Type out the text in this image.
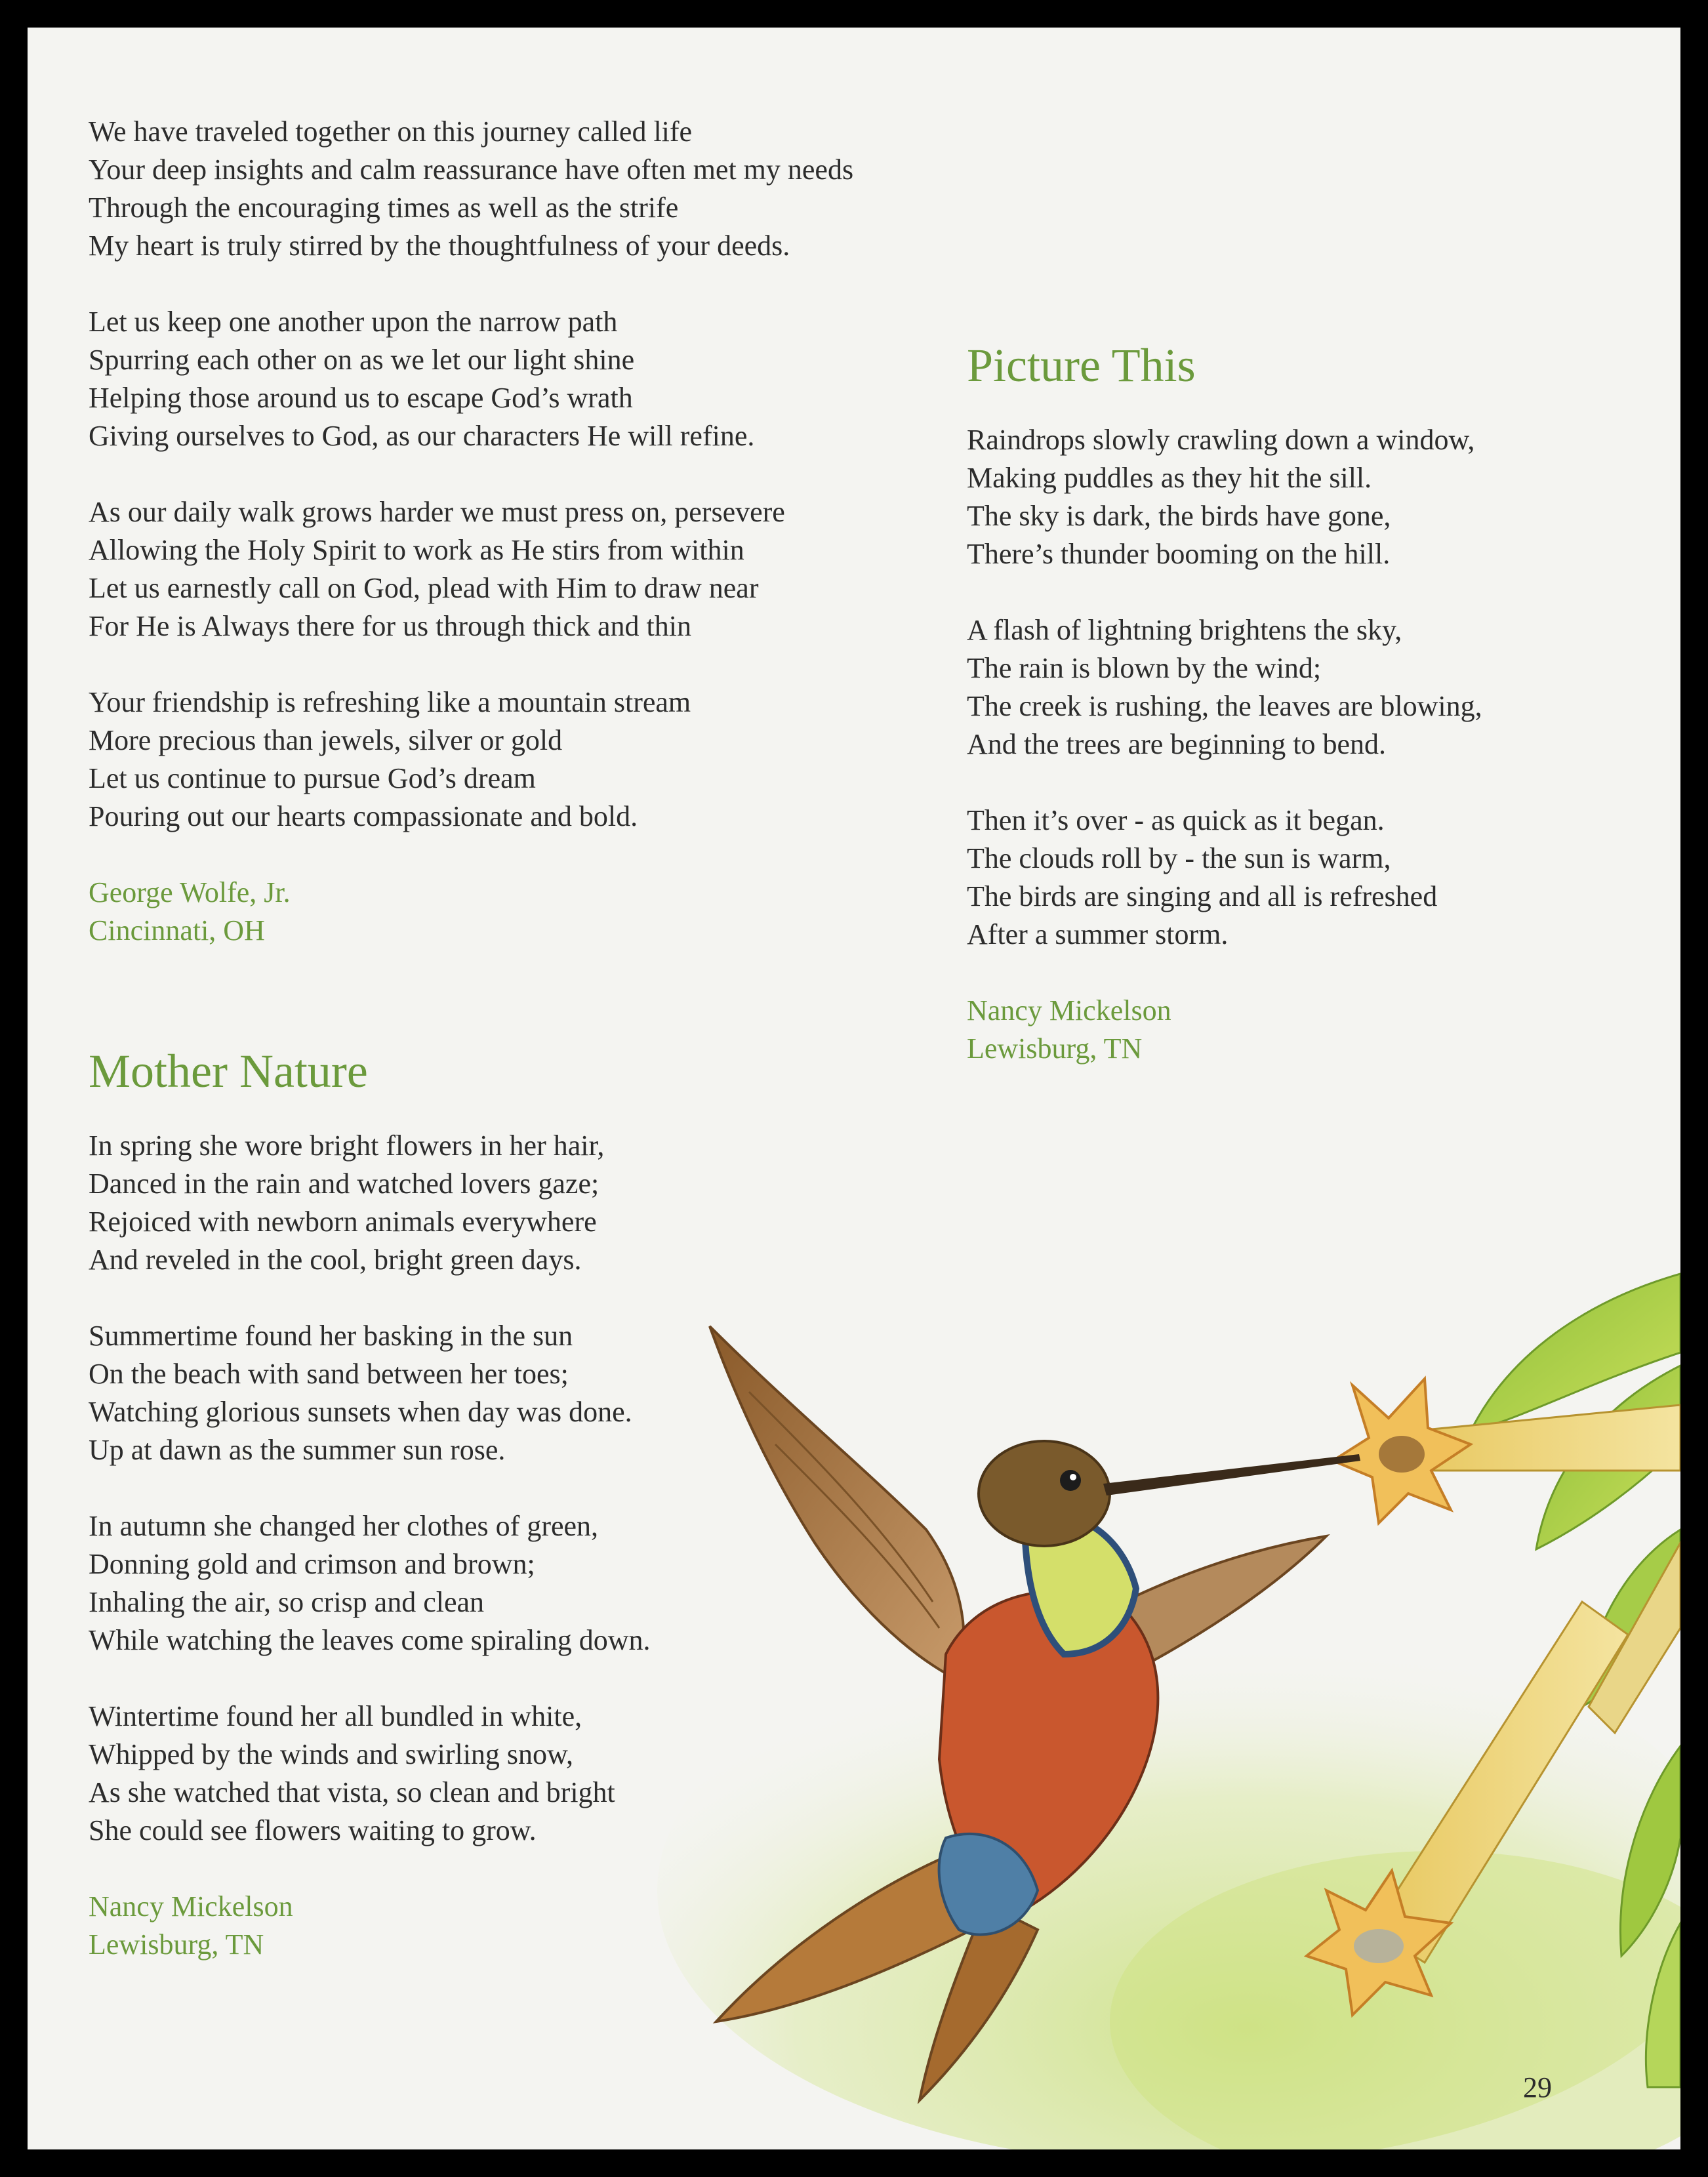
We have traveled together on this journey called life
Your deep insights and calm reassurance have often met my needs
Through the encouraging times as well as the strife
My heart is truly stirred by the thoughtfulness of your deeds.
Let us keep one another upon the narrow path
Spurring each other on as we let our light shine
Helping those around us to escape God’s wrath
Giving ourselves to God, as our characters He will refine.
As our daily walk grows harder we must press on, persevere
Allowing the Holy Spirit to work as He stirs from within
Let us earnestly call on God, plead with Him to draw near
For He is Always there for us through thick and thin
Your friendship is refreshing like a mountain stream
More precious than jewels, silver or gold
Let us continue to pursue God’s dream
Pouring out our hearts compassionate and bold.
George Wolfe, Jr.
Cincinnati, OH
Mother Nature
In spring she wore bright flowers in her hair,
Danced in the rain and watched lovers gaze;
Rejoiced with newborn animals everywhere
And reveled in the cool, bright green days.
Summertime found her basking in the sun
On the beach with sand between her toes;
Watching glorious sunsets when day was done.
Up at dawn as the summer sun rose.
In autumn she changed her clothes of green,
Donning gold and crimson and brown;
Inhaling the air, so crisp and clean
While watching the leaves come spiraling down.
Wintertime found her all bundled in white,
Whipped by the winds and swirling snow,
As she watched that vista, so clean and bright
She could see flowers waiting to grow.
Nancy Mickelson
Lewisburg, TN
Picture This
Raindrops slowly crawling down a window,
Making puddles as they hit the sill.
The sky is dark, the birds have gone,
There’s thunder booming on the hill.
A flash of lightning brightens the sky,
The rain is blown by the wind;
The creek is rushing, the leaves are blowing,
And the trees are beginning to bend.
Then it’s over - as quick as it began.
The clouds roll by - the sun is warm,
The birds are singing and all is refreshed
After a summer storm.
Nancy Mickelson
Lewisburg, TN
29
